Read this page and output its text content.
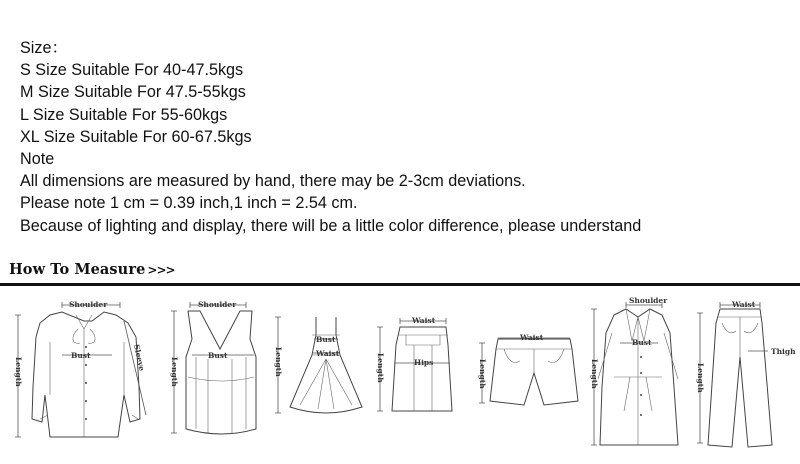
Size：
S Size Suitable For 40-47.5kgs
M Size Suitable For 47.5-55kgs
L Size Suitable For 55-60kgs
XL Size Suitable For 60-67.5kgs
Note
All dimensions are measured by hand, there may be 2-3cm deviations.
Please note 1 cm = 0.39 inch,1 inch = 2.54 cm.
Because of lighting and display, there will be a little color difference, please understand
How To Measure >>>
Shoulder
Bust
Length	Sleeve
Shoulder
Bust
Length
Bust
Waist
Length
Waist
Hips
Length
Waist
Length
Shoulder
Bust
Length
Waist
Thigh
Length
